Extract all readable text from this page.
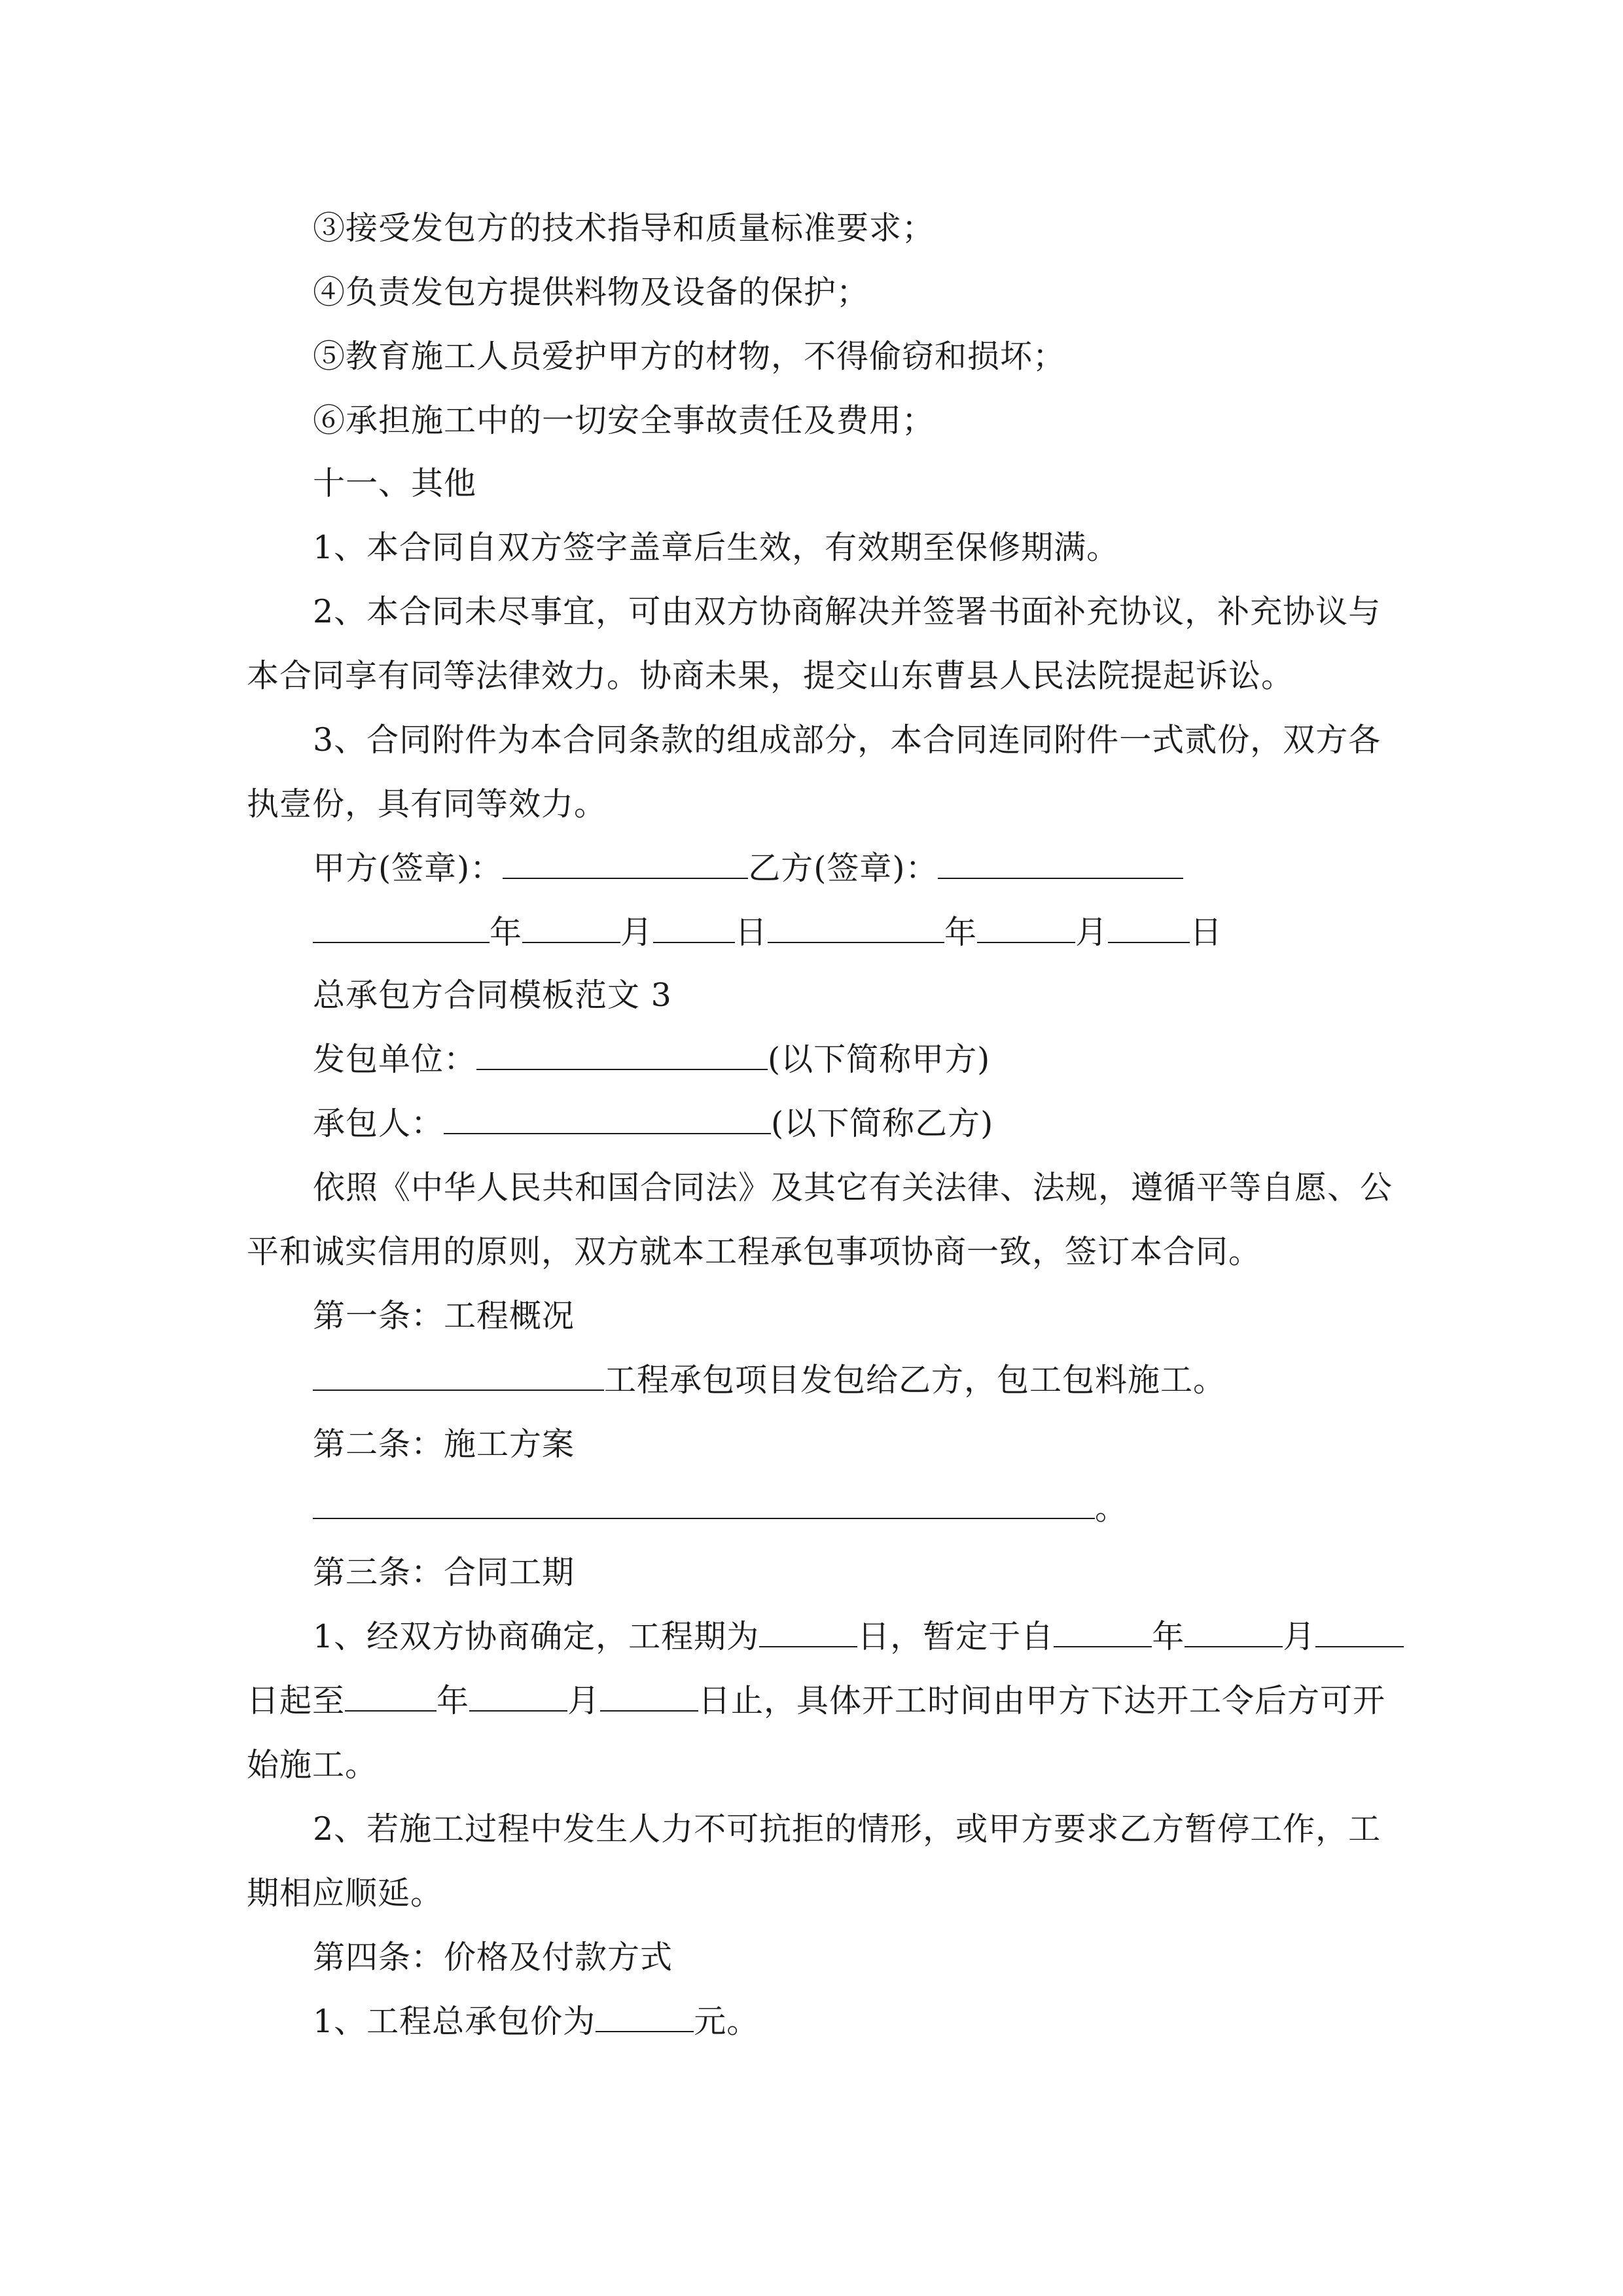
③接受发包方的技术指导和质量标准要求；
④负责发包方提供料物及设备的保护；
⑤教育施工人员爱护甲方的材物，不得偷窃和损坏；
⑥承担施工中的一切安全事故责任及费用；
十一、其他
1、本合同自双方签字盖章后生效，有效期至保修期满。
2、本合同未尽事宜，可由双方协商解决并签署书面补充协议，补充协议与
本合同享有同等法律效力。协商未果，提交山东曹县人民法院提起诉讼。
3、合同附件为本合同条款的组成部分，本合同连同附件一式贰份，双方各
执壹份，具有同等效力。
甲方(签章)：	乙方(签章)：
年	月	日	年	月	日
总承包方合同模板范文 3
发包单位：	(以下简称甲方)
承包人：	(以下简称乙方)
依照《中华人民共和国合同法》及其它有关法律、法规，遵循平等自愿、公
平和诚实信用的原则，双方就本工程承包事项协商一致，签订本合同。
第一条：工程概况
工程承包项目发包给乙方，包工包料施工。
第二条：施工方案
。
第三条：合同工期
1、经双方协商确定，工程期为	日，暂定于自	年	月
日起至	年	月	日止，具体开工时间由甲方下达开工令后方可开
始施工。
2、若施工过程中发生人力不可抗拒的情形，或甲方要求乙方暂停工作，工
期相应顺延。
第四条：价格及付款方式
1、工程总承包价为	元。
